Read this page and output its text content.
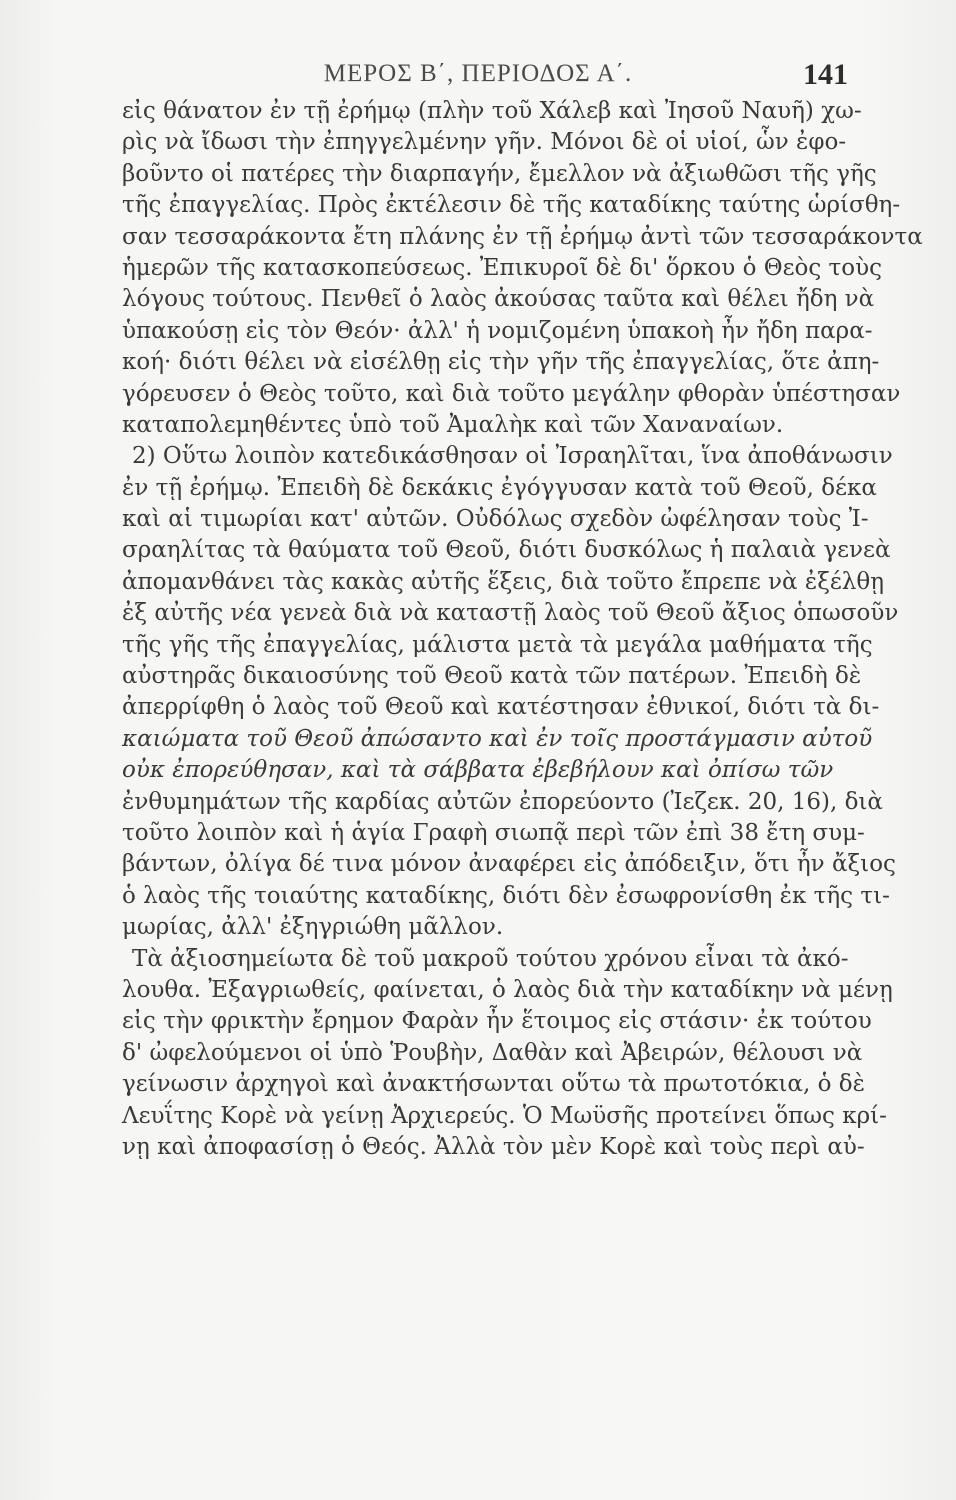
ΜΕΡΟΣ Β΄, ΠΕΡΙΟΔΟΣ Α΄.	141
εἰς θάνατον ἐν τῇ ἐρήμῳ (πλὴν τοῦ Χάλεβ καὶ Ἰησοῦ Ναυῆ) χω-
ρὶς νὰ ἴδωσι τὴν ἐπηγγελμένην γῆν. Μόνοι δὲ οἱ υἱοί, ὧν ἐφο-
βοῦντο οἱ πατέρες τὴν διαρπαγήν, ἔμελλον νὰ ἀξιωθῶσι τῆς γῆς
τῆς ἐπαγγελίας. Πρὸς ἐκτέλεσιν δὲ τῆς καταδίκης ταύτης ὡρίσθη-
σαν τεσσαράκοντα ἔτη πλάνης ἐν τῇ ἐρήμῳ ἀντὶ τῶν τεσσαράκοντα
ἡμερῶν τῆς κατασκοπεύσεως. Ἐπικυροῖ δὲ δι' ὅρκου ὁ Θεὸς τοὺς
λόγους τούτους. Πενθεῖ ὁ λαὸς ἀκούσας ταῦτα καὶ θέλει ἤδη νὰ
ὑπακούσῃ εἰς τὸν Θεόν· ἀλλ' ἡ νομιζομένη ὑπακοὴ ἦν ἤδη παρα-
κοή· διότι θέλει νὰ εἰσέλθῃ εἰς τὴν γῆν τῆς ἐπαγγελίας, ὅτε ἀπη-
γόρευσεν ὁ Θεὸς τοῦτο, καὶ διὰ τοῦτο μεγάλην φθορὰν ὑπέστησαν
καταπολεμηθέντες ὑπὸ τοῦ Ἀμαλὴκ καὶ τῶν Χαναναίων.
2) Οὕτω λοιπὸν κατεδικάσθησαν οἱ Ἰσραηλῖται, ἵνα ἀποθάνωσιν
ἐν τῇ ἐρήμῳ. Ἐπειδὴ δὲ δεκάκις ἐγόγγυσαν κατὰ τοῦ Θεοῦ, δέκα
καὶ αἱ τιμωρίαι κατ' αὐτῶν. Οὐδόλως σχεδὸν ὠφέλησαν τοὺς Ἰ-
σραηλίτας τὰ θαύματα τοῦ Θεοῦ, διότι δυσκόλως ἡ παλαιὰ γενεὰ
ἀπομανθάνει τὰς κακὰς αὐτῆς ἕξεις, διὰ τοῦτο ἔπρεπε νὰ ἐξέλθῃ
ἐξ αὐτῆς νέα γενεὰ διὰ νὰ καταστῇ λαὸς τοῦ Θεοῦ ἄξιος ὁπωσοῦν
τῆς γῆς τῆς ἐπαγγελίας, μάλιστα μετὰ τὰ μεγάλα μαθήματα τῆς
αὐστηρᾶς δικαιοσύνης τοῦ Θεοῦ κατὰ τῶν πατέρων. Ἐπειδὴ δὲ
ἀπερρίφθη ὁ λαὸς τοῦ Θεοῦ καὶ κατέστησαν ἐθνικοί, διότι τὰ δι-
καιώματα τοῦ Θεοῦ ἀπώσαντο καὶ ἐν τοῖς προστάγμασιν αὐτοῦ
οὐκ ἐπορεύθησαν, καὶ τὰ σάββατα ἐβεβήλουν καὶ ὀπίσω τῶν
ἐνθυμημάτων τῆς καρδίας αὐτῶν ἐπορεύοντο (Ἰεζεκ. 20, 16), διὰ
τοῦτο λοιπὸν καὶ ἡ ἁγία Γραφὴ σιωπᾷ περὶ τῶν ἐπὶ 38 ἔτη συμ-
βάντων, ὀλίγα δέ τινα μόνον ἀναφέρει εἰς ἀπόδειξιν, ὅτι ἦν ἄξιος
ὁ λαὸς τῆς τοιαύτης καταδίκης, διότι δὲν ἐσωφρονίσθη ἐκ τῆς τι-
μωρίας, ἀλλ' ἐξηγριώθη μᾶλλον.
Τὰ ἀξιοσημείωτα δὲ τοῦ μακροῦ τούτου χρόνου εἶναι τὰ ἀκό-
λουθα. Ἐξαγριωθείς, φαίνεται, ὁ λαὸς διὰ τὴν καταδίκην νὰ μένῃ
εἰς τὴν φρικτὴν ἔρημον Φαρὰν ἦν ἕτοιμος εἰς στάσιν· ἐκ τούτου
δ' ὠφελούμενοι οἱ ὑπὸ Ῥουβὴν, Δαθὰν καὶ Ἀβειρών, θέλουσι νὰ
γείνωσιν ἀρχηγοὶ καὶ ἀνακτήσωνται οὕτω τὰ πρωτοτόκια, ὁ δὲ
Λευΐτης Κορὲ νὰ γείνῃ Ἀρχιερεύς. Ὁ Μωϋσῆς προτείνει ὅπως κρί-
νῃ καὶ ἀποφασίσῃ ὁ Θεός. Ἀλλὰ τὸν μὲν Κορὲ καὶ τοὺς περὶ αὐ-
